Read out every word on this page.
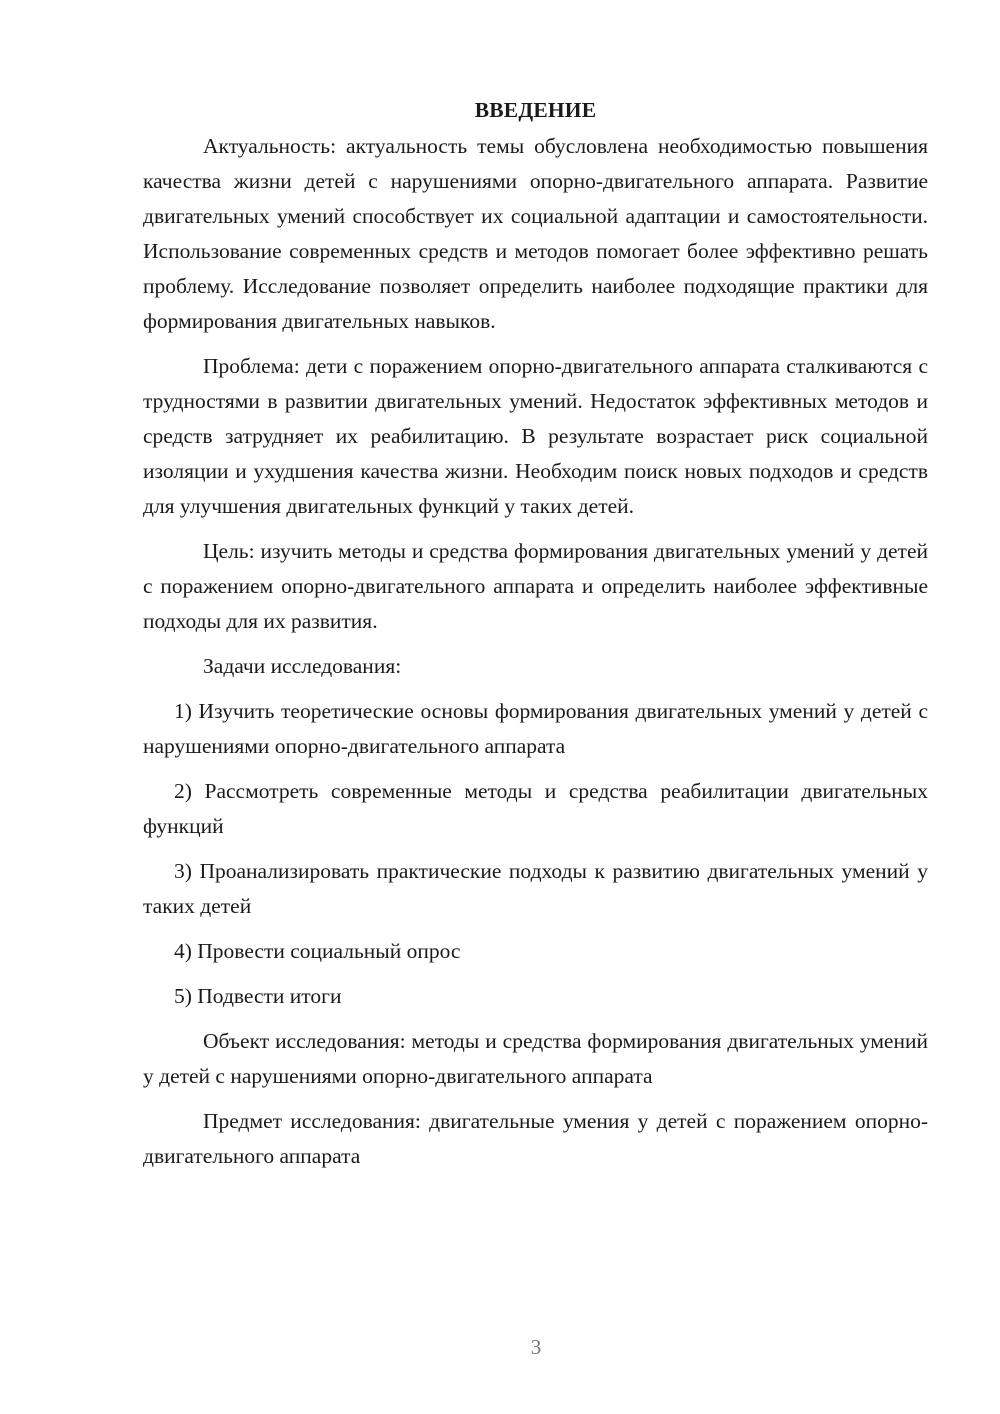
ВВЕДЕНИЕ

Актуальность: актуальность темы обусловлена необходимостью повышения качества жизни детей с нарушениями опорно-двигательного аппарата. Развитие двигательных умений способствует их социальной адаптации и самостоятельности. Использование современных средств и методов помогает более эффективно решать проблему. Исследование позволяет определить наиболее подходящие практики для формирования двигательных навыков.

Проблема: дети с поражением опорно-двигательного аппарата сталкиваются с трудностями в развитии двигательных умений. Недостаток эффективных методов и средств затрудняет их реабилитацию. В результате возрастает риск социальной изоляции и ухудшения качества жизни. Необходим поиск новых подходов и средств для улучшения двигательных функций у таких детей.

Цель: изучить методы и средства формирования двигательных умений у детей с поражением опорно-двигательного аппарата и определить наиболее эффективные подходы для их развития.

Задачи исследования:

1) Изучить теоретические основы формирования двигательных умений у детей с нарушениями опорно-двигательного аппарата

2) Рассмотреть современные методы и средства реабилитации двигательных функций

3) Проанализировать практические подходы к развитию двигательных умений у таких детей

4) Провести социальный опрос

5) Подвести итоги

Объект исследования: методы и средства формирования двигательных умений у детей с нарушениями опорно-двигательного аппарата

Предмет исследования: двигательные умения у детей с поражением опорно-двигательного аппарата

3
